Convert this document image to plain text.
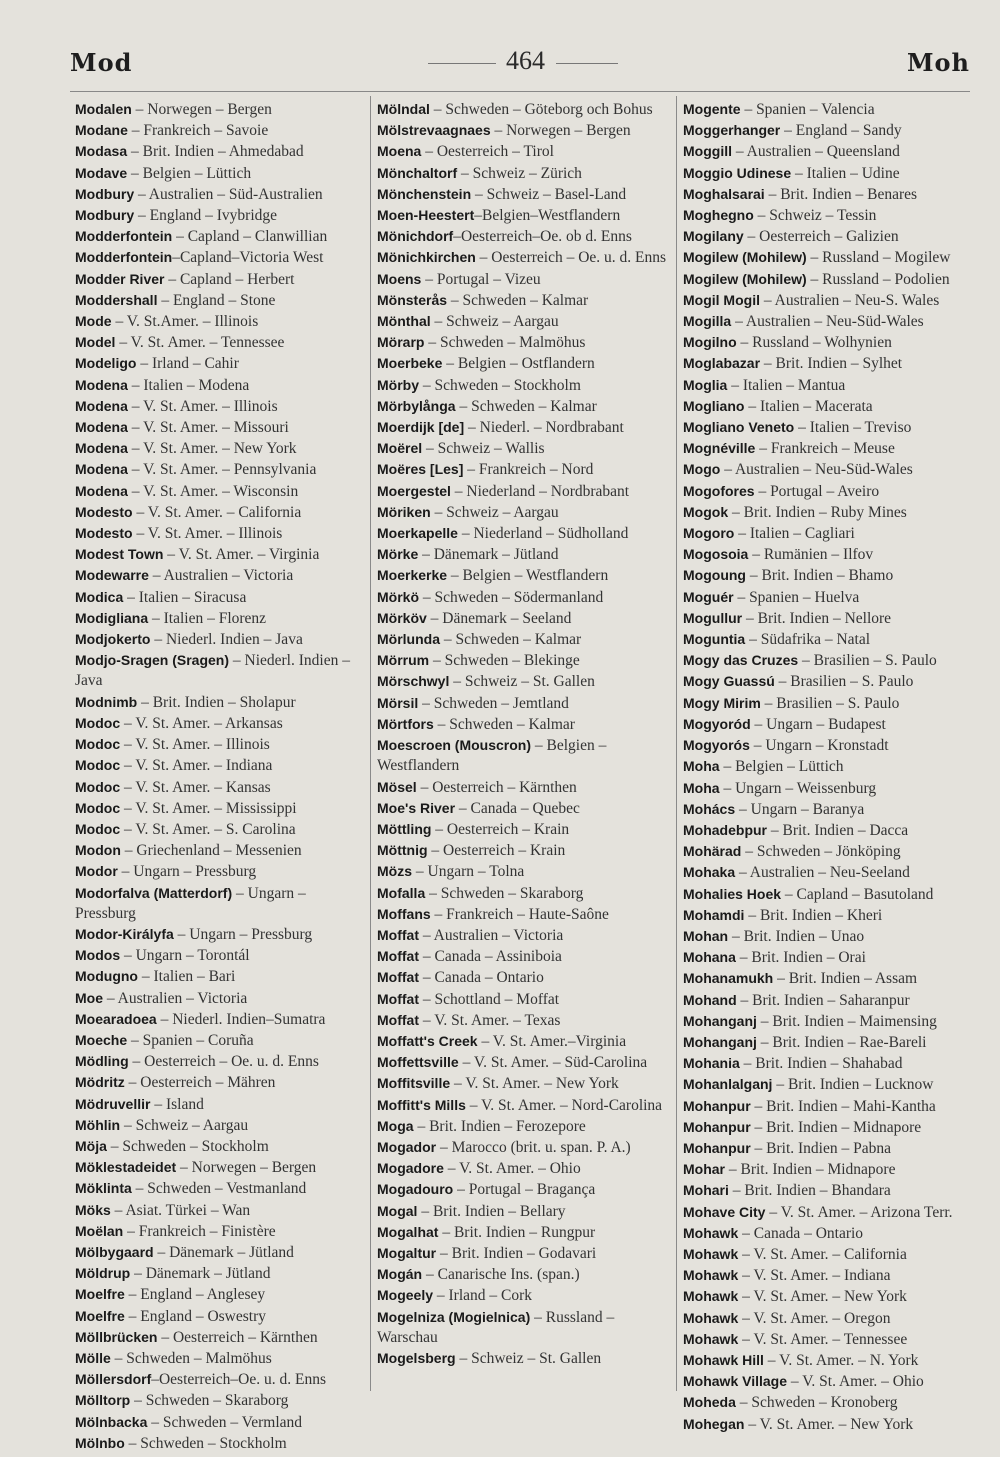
Mod	464	Moh
Modalen – Norwegen – Bergen
Modane – Frankreich – Savoie
Modasa – Brit. Indien – Ahmedabad
Modave – Belgien – Lüttich
Modbury – Australien – Süd-Australien
Modbury – England – Ivybridge
Modderfontein – Capland – Clanwillian
Modderfontein–Capland–Victoria West
Modder River – Capland – Herbert
Moddershall – England – Stone
Mode – V. St.Amer. – Illinois
Model – V. St. Amer. – Tennessee
Modeligo – Irland – Cahir
Modena – Italien – Modena
Modena – V. St. Amer. – Illinois
Modena – V. St. Amer. – Missouri
Modena – V. St. Amer. – New York
Modena – V. St. Amer. – Pennsylvania
Modena – V. St. Amer. – Wisconsin
Modesto – V. St. Amer. – California
Modesto – V. St. Amer. – Illinois
Modest Town – V. St. Amer. – Virginia
Modewarre – Australien – Victoria
Modica – Italien – Siracusa
Modigliana – Italien – Florenz
Modjokerto – Niederl. Indien – Java
Modjo-Sragen (Sragen) – Niederl. Indien – Java
Modnimb – Brit. Indien – Sholapur
Modoc – V. St. Amer. – Arkansas
Modoc – V. St. Amer. – Illinois
Modoc – V. St. Amer. – Indiana
Modoc – V. St. Amer. – Kansas
Modoc – V. St. Amer. – Mississippi
Modoc – V. St. Amer. – S. Carolina
Modon – Griechenland – Messenien
Modor – Ungarn – Pressburg
Modorfalva (Matterdorf) – Ungarn – Pressburg
Modor-Királyfa – Ungarn – Pressburg
Modos – Ungarn – Torontál
Modugno – Italien – Bari
Moe – Australien – Victoria
Moearadoea – Niederl. Indien–Sumatra
Moeche – Spanien – Coruña
Mödling – Oesterreich – Oe. u. d. Enns
Mödritz – Oesterreich – Mähren
Mödruvellir – Island
Möhlin – Schweiz – Aargau
Möja – Schweden – Stockholm
Möklestadeidet – Norwegen – Bergen
Möklinta – Schweden – Vestmanland
Möks – Asiat. Türkei – Wan
Moëlan – Frankreich – Finistère
Mölbygaard – Dänemark – Jütland
Möldrup – Dänemark – Jütland
Moelfre – England – Anglesey
Moelfre – England – Oswestry
Möllbrücken – Oesterreich – Kärnthen
Mölle – Schweden – Malmöhus
Möllersdorf–Oesterreich–Oe. u. d. Enns
Mölltorp – Schweden – Skaraborg
Mölnbacka – Schweden – Vermland
Mölnbo – Schweden – Stockholm
Mölndal – Schweden – Göteborg och Bohus
Mölstrevaagnaes – Norwegen – Bergen
Moena – Oesterreich – Tirol
Mönchaltorf – Schweiz – Zürich
Mönchenstein – Schweiz – Basel-Land
Moen-Heestert–Belgien–Westflandern
Mönichdorf–Oesterreich–Oe. ob d. Enns
Mönichkirchen – Oesterreich – Oe. u. d. Enns
Moens – Portugal – Vizeu
Mönsterås – Schweden – Kalmar
Mönthal – Schweiz – Aargau
Mörarp – Schweden – Malmöhus
Moerbeke – Belgien – Ostflandern
Mörby – Schweden – Stockholm
Mörbylånga – Schweden – Kalmar
Moerdijk [de] – Niederl. – Nordbrabant
Moërel – Schweiz – Wallis
Moëres [Les] – Frankreich – Nord
Moergestel – Niederland – Nordbrabant
Möriken – Schweiz – Aargau
Moerkapelle – Niederland – Südholland
Mörke – Dänemark – Jütland
Moerkerke – Belgien – Westflandern
Mörkö – Schweden – Södermanland
Mörköv – Dänemark – Seeland
Mörlunda – Schweden – Kalmar
Mörrum – Schweden – Blekinge
Mörschwyl – Schweiz – St. Gallen
Mörsil – Schweden – Jemtland
Mörtfors – Schweden – Kalmar
Moescroen (Mouscron) – Belgien – Westflandern
Mösel – Oesterreich – Kärnthen
Moe's River – Canada – Quebec
Möttling – Oesterreich – Krain
Möttnig – Oesterreich – Krain
Mözs – Ungarn – Tolna
Mofalla – Schweden – Skaraborg
Moffans – Frankreich – Haute-Saône
Moffat – Australien – Victoria
Moffat – Canada – Assiniboia
Moffat – Canada – Ontario
Moffat – Schottland – Moffat
Moffat – V. St. Amer. – Texas
Moffatt's Creek – V. St. Amer.–Virginia
Moffettsville – V. St. Amer. – Süd-Carolina
Moffitsville – V. St. Amer. – New York
Moffitt's Mills – V. St. Amer. – Nord-Carolina
Moga – Brit. Indien – Ferozepore
Mogador – Marocco (brit. u. span. P. A.)
Mogadore – V. St. Amer. – Ohio
Mogadouro – Portugal – Bragança
Mogal – Brit. Indien – Bellary
Mogalhat – Brit. Indien – Rungpur
Mogaltur – Brit. Indien – Godavari
Mogán – Canarische Ins. (span.)
Mogeely – Irland – Cork
Mogelniza (Mogielnica) – Russland – Warschau
Mogelsberg – Schweiz – St. Gallen
Mogente – Spanien – Valencia
Moggerhanger – England – Sandy
Moggill – Australien – Queensland
Moggio Udinese – Italien – Udine
Moghalsarai – Brit. Indien – Benares
Moghegno – Schweiz – Tessin
Mogilany – Oesterreich – Galizien
Mogilew (Mohilew) – Russland – Mogilew
Mogilew (Mohilew) – Russland – Podolien
Mogil Mogil – Australien – Neu-S. Wales
Mogilla – Australien – Neu-Süd-Wales
Mogilno – Russland – Wolhynien
Moglabazar – Brit. Indien – Sylhet
Moglia – Italien – Mantua
Mogliano – Italien – Macerata
Mogliano Veneto – Italien – Treviso
Mognéville – Frankreich – Meuse
Mogo – Australien – Neu-Süd-Wales
Mogofores – Portugal – Aveiro
Mogok – Brit. Indien – Ruby Mines
Mogoro – Italien – Cagliari
Mogosoia – Rumänien – Ilfov
Mogoung – Brit. Indien – Bhamo
Moguér – Spanien – Huelva
Mogullur – Brit. Indien – Nellore
Moguntia – Südafrika – Natal
Mogy das Cruzes – Brasilien – S. Paulo
Mogy Guassú – Brasilien – S. Paulo
Mogy Mirim – Brasilien – S. Paulo
Mogyoród – Ungarn – Budapest
Mogyorós – Ungarn – Kronstadt
Moha – Belgien – Lüttich
Moha – Ungarn – Weissenburg
Mohács – Ungarn – Baranya
Mohadebpur – Brit. Indien – Dacca
Mohärad – Schweden – Jönköping
Mohaka – Australien – Neu-Seeland
Mohalies Hoek – Capland – Basutoland
Mohamdi – Brit. Indien – Kheri
Mohan – Brit. Indien – Unao
Mohana – Brit. Indien – Orai
Mohanamukh – Brit. Indien – Assam
Mohand – Brit. Indien – Saharanpur
Mohanganj – Brit. Indien – Maimensing
Mohanganj – Brit. Indien – Rae-Bareli
Mohania – Brit. Indien – Shahabad
Mohanlalganj – Brit. Indien – Lucknow
Mohanpur – Brit. Indien – Mahi-Kantha
Mohanpur – Brit. Indien – Midnapore
Mohanpur – Brit. Indien – Pabna
Mohar – Brit. Indien – Midnapore
Mohari – Brit. Indien – Bhandara
Mohave City – V. St. Amer. – Arizona Terr.
Mohawk – Canada – Ontario
Mohawk – V. St. Amer. – California
Mohawk – V. St. Amer. – Indiana
Mohawk – V. St. Amer. – New York
Mohawk – V. St. Amer. – Oregon
Mohawk – V. St. Amer. – Tennessee
Mohawk Hill – V. St. Amer. – N. York
Mohawk Village – V. St. Amer. – Ohio
Moheda – Schweden – Kronoberg
Mohegan – V. St. Amer. – New York
